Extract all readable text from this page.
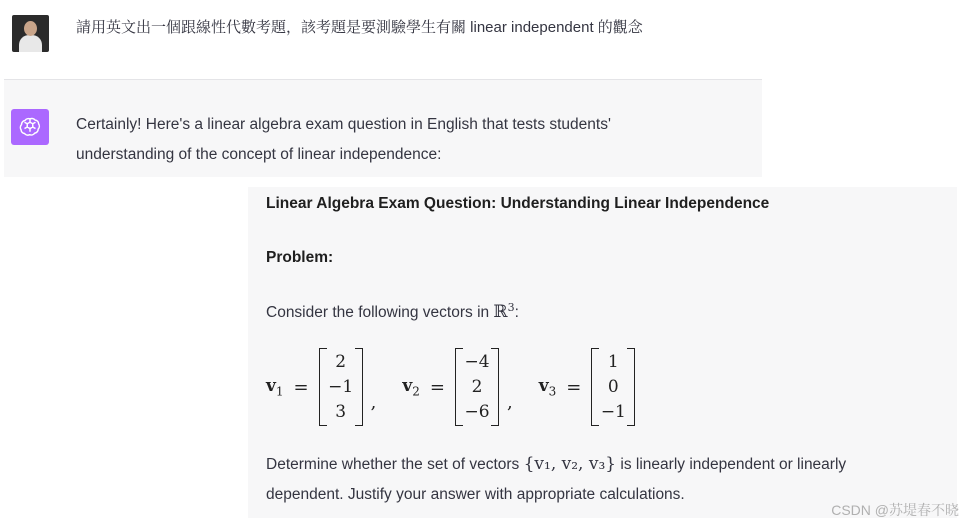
請用英文出一個跟線性代數考題，該考題是要測驗學生有關 linear independent 的觀念
Certainly! Here's a linear algebra exam question in English that tests students'
understanding of the concept of linear independence:
Linear Algebra Exam Question: Understanding Linear Independence
Problem:
Consider the following vectors in ℝ$^3$:
$v_1$ =
2
−1
3	,
$v_2$ =
−4
2
−6 ,
$v_3$ =
1
0
−1
Determine whether the set of vectors {v₁, v₂, v₃} is linearly independent or linearly
dependent. Justify your answer with appropriate calculations.
CSDN @苏堤春不晓
